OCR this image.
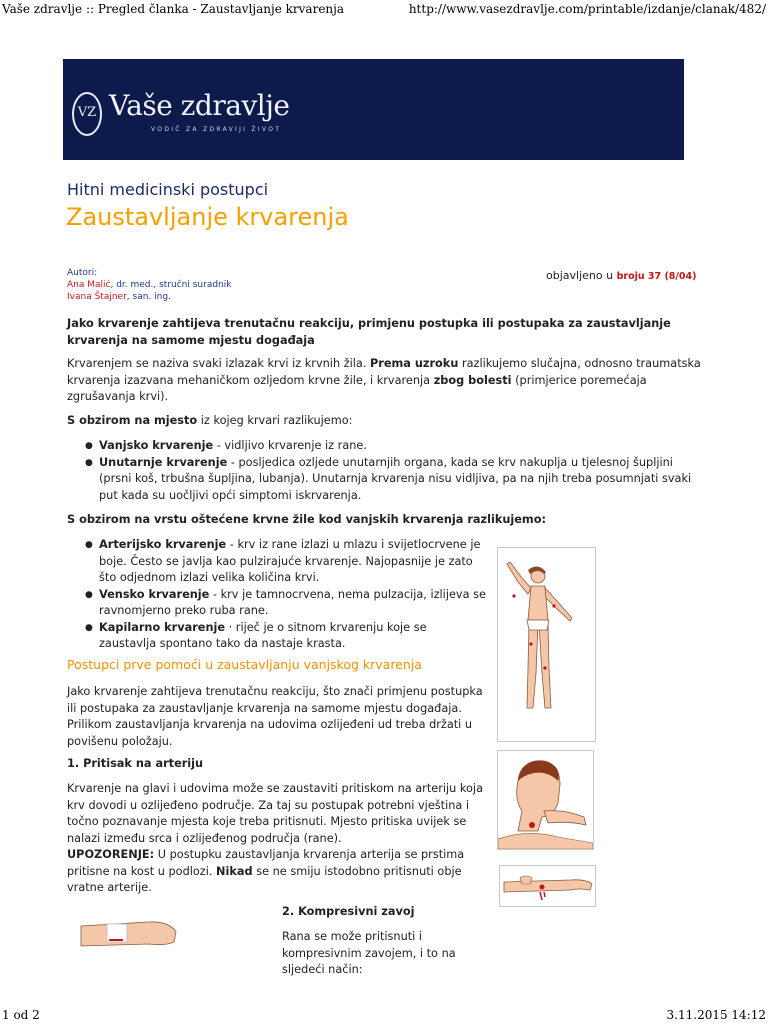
Vaše zdravlje :: Pregled članka - Zaustavljanje krvarenja	http://www.vasezdravlje.com/printable/izdanje/clanak/482/
VZ Vaše zdravlje
VODIČ ZA ZDRAVIJI ŽIVOT
Hitni medicinski postupci
Zaustavljanje krvarenja
Autori:
Ana Malić, dr. med., stručni suradnik
Ivana Štajner, san. ing.
objavljeno u broju 37 (8/04)
Jako krvarenje zahtijeva trenutačnu reakciju, primjenu postupka ili postupaka za zaustavljanje krvarenja na samome mjestu događaja
Krvarenjem se naziva svaki izlazak krvi iz krvnih žila. Prema uzroku razlikujemo slučajna, odnosno traumatska krvarenja izazvana mehaničkom ozljedom krvne žile, i krvarenja zbog bolesti (primjerice poremećaja zgrušavanja krvi).
S obzirom na mjesto iz kojeg krvari razlikujemo:
● Vanjsko krvarenje - vidljivo krvarenje iz rane.
● Unutarnje krvarenje - posljedica ozljede unutarnjih organa, kada se krv nakuplja u tjelesnoj šupljini (prsni koš, trbušna šupljina, lubanja). Unutarnja krvarenja nisu vidljiva, pa na njih treba posumnjati svaki put kada su uočljivi opći simptomi iskrvarenja.
S obzirom na vrstu oštećene krvne žile kod vanjskih krvarenja razlikujemo:
● Arterijsko krvarenje - krv iz rane izlazi u mlazu i svijetlocrvene je boje. Često se javlja kao pulzirajuće krvarenje. Najopasnije je zato što odjednom izlazi velika količina krvi.
● Vensko krvarenje - krv je tamnocrvena, nema pulzacija, izlijeva se ravnomjerno preko ruba rane.
● Kapilarno krvarenje · riječ je o sitnom krvarenju koje se zaustavlja spontano tako da nastaje krasta.
Postupci prve pomoći u zaustavljanju vanjskog krvarenja
Jako krvarenje zahtijeva trenutačnu reakciju, što znači primjenu postupka ili postupaka za zaustavljanje krvarenja na samome mjestu događaja. Prilikom zaustavljanja krvarenja na udovima ozlijeđeni ud treba držati u povišenu položaju.
1. Pritisak na arteriju
Krvarenje na glavi i udovima može se zaustaviti pritiskom na arteriju koja krv dovodi u ozlijeđeno područje. Za taj su postupak potrebni vještina i točno poznavanje mjesta koje treba pritisnuti. Mjesto pritiska uvijek se nalazi između srca i ozlijeđenog područja (rane).
UPOZORENJE: U postupku zaustavljanja krvarenja arterija se prstima pritisne na kost u podlozi. Nikad se ne smiju istodobno pritisnuti obje vratne arterije.
2. Kompresivni zavoj
Rana se može pritisnuti i kompresivnim zavojem, i to na sljedeći način:
1 od 2	3.11.2015 14:12
